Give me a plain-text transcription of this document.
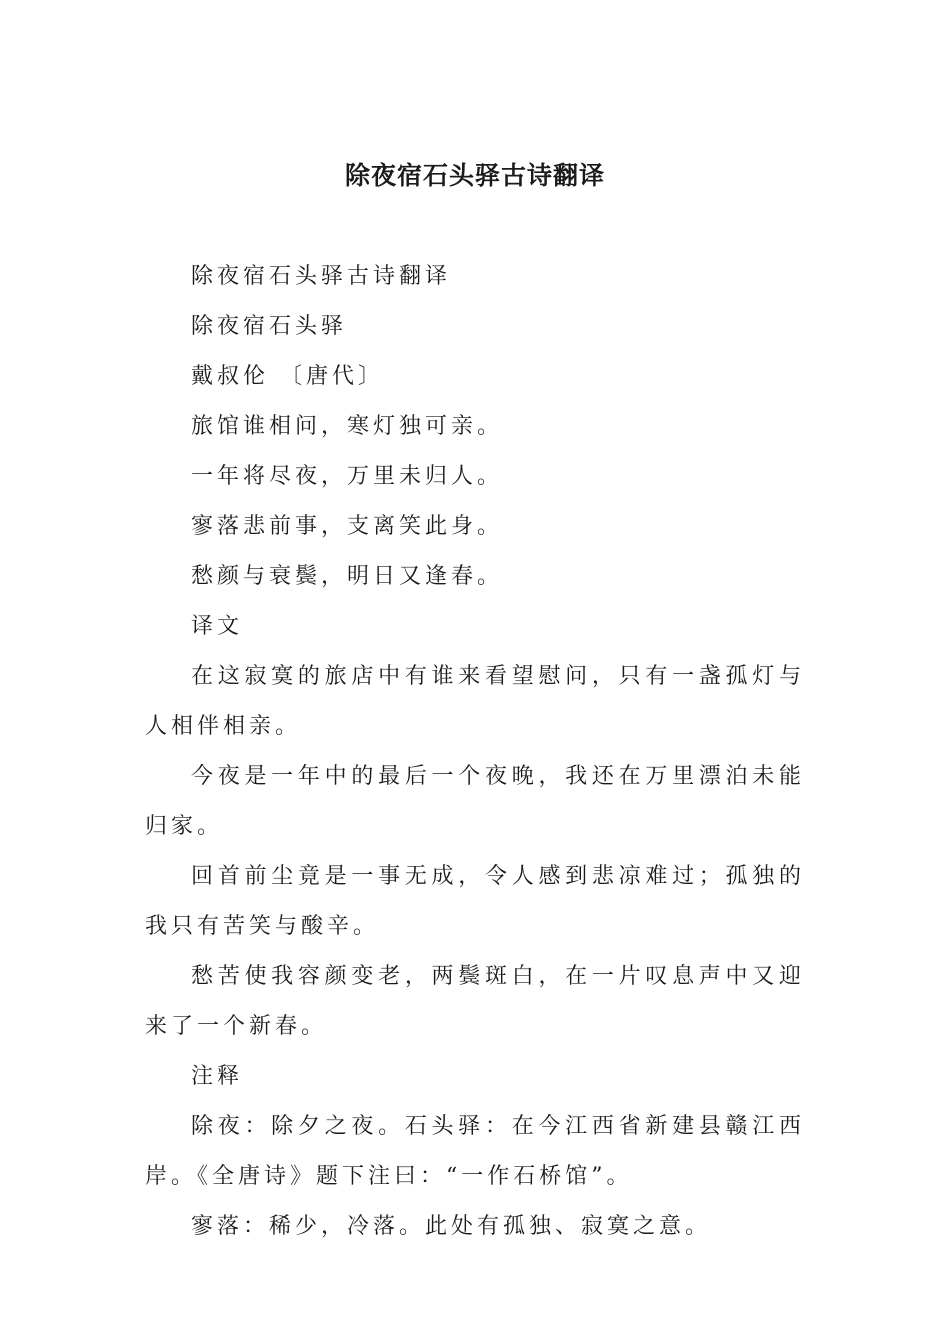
除夜宿石头驿古诗翻译

除夜宿石头驿古诗翻译

除夜宿石头驿

戴叔伦 〔唐代〕

旅馆谁相问，寒灯独可亲。

一年将尽夜，万里未归人。

寥落悲前事，支离笑此身。

愁颜与衰鬓，明日又逢春。

译文

在这寂寞的旅店中有谁来看望慰问，只有一盏孤灯与人相伴相亲。

今夜是一年中的最后一个夜晚，我还在万里漂泊未能归家。

回首前尘竟是一事无成，令人感到悲凉难过；孤独的我只有苦笑与酸辛。

愁苦使我容颜变老，两鬓斑白，在一片叹息声中又迎来了一个新春。

注释

除夜：除夕之夜。石头驿：在今江西省新建县赣江西岸。《全唐诗》题下注曰：“一作石桥馆”。

寥落：稀少，冷落。此处有孤独、寂寞之意。
